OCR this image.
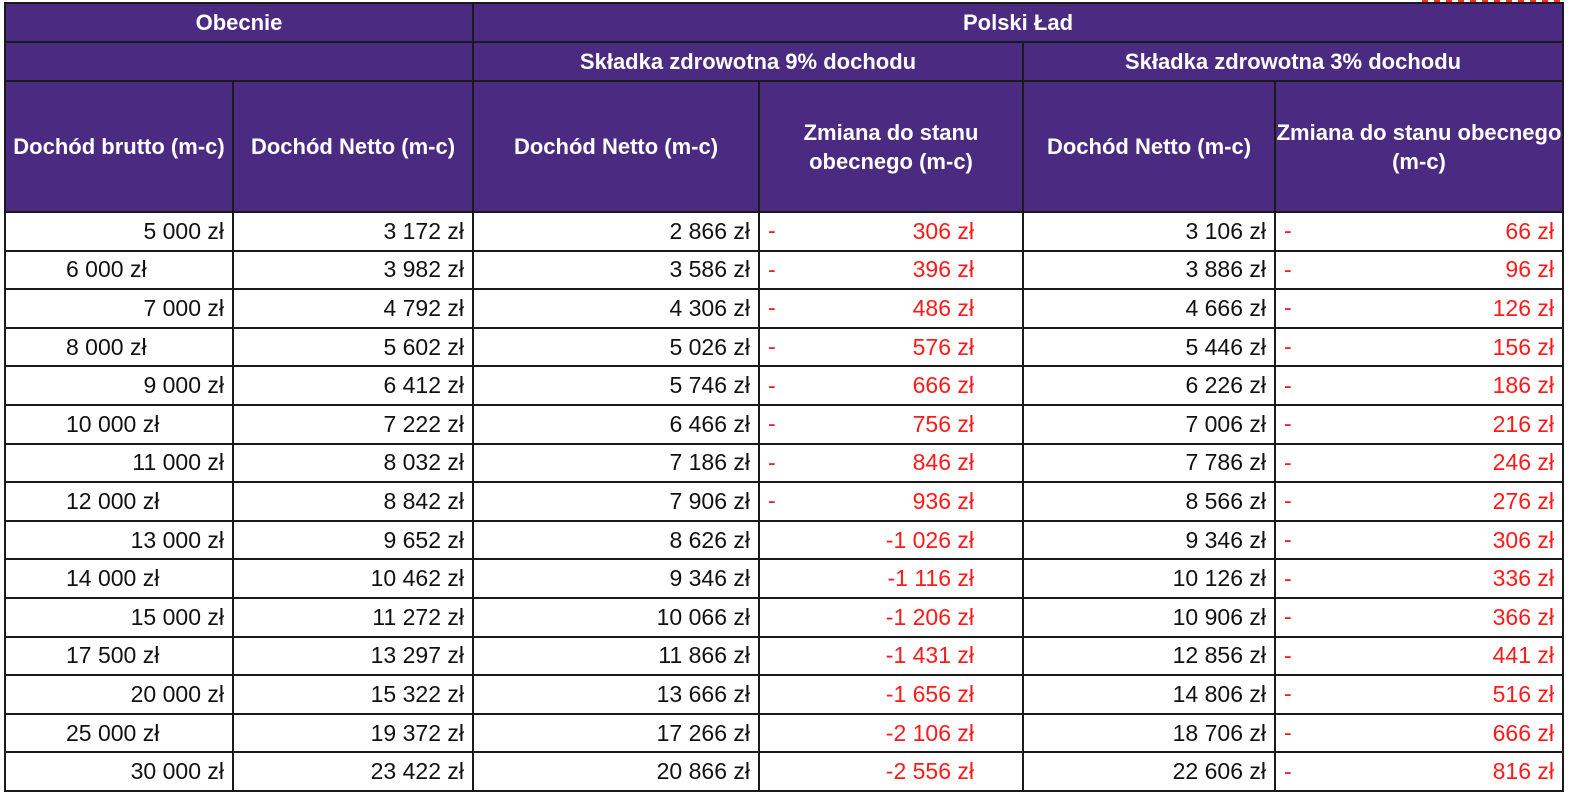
Obecnie		Polski Ład			
		Składka zdrowotna 9% dochodu		Składka zdrowotna 3% dochodu	
Dochód brutto (m-c)	Dochód Netto (m-c)	Dochód Netto (m-c)	Zmiana do stanu obecnego (m-c)	Dochód Netto (m-c)	Zmiana do stanu obecnego (m-c)
5 000 zł	3 172 zł	2 866 zł	- 306 zł	3 106 zł	- 66 zł
6 000 zł	3 982 zł	3 586 zł	- 396 zł	3 886 zł	- 96 zł
7 000 zł	4 792 zł	4 306 zł	- 486 zł	4 666 zł	- 126 zł
8 000 zł	5 602 zł	5 026 zł	- 576 zł	5 446 zł	- 156 zł
9 000 zł	6 412 zł	5 746 zł	- 666 zł	6 226 zł	- 186 zł
10 000 zł	7 222 zł	6 466 zł	- 756 zł	7 006 zł	- 216 zł
11 000 zł	8 032 zł	7 186 zł	- 846 zł	7 786 zł	- 246 zł
12 000 zł	8 842 zł	7 906 zł	- 936 zł	8 566 zł	- 276 zł
13 000 zł	9 652 zł	8 626 zł	-1 026 zł	9 346 zł	- 306 zł
14 000 zł	10 462 zł	9 346 zł	-1 116 zł	10 126 zł	- 336 zł
15 000 zł	11 272 zł	10 066 zł	-1 206 zł	10 906 zł	- 366 zł
17 500 zł	13 297 zł	11 866 zł	-1 431 zł	12 856 zł	- 441 zł
20 000 zł	15 322 zł	13 666 zł	-1 656 zł	14 806 zł	- 516 zł
25 000 zł	19 372 zł	17 266 zł	-2 106 zł	18 706 zł	- 666 zł
30 000 zł	23 422 zł	20 866 zł	-2 556 zł	22 606 zł	- 816 zł
